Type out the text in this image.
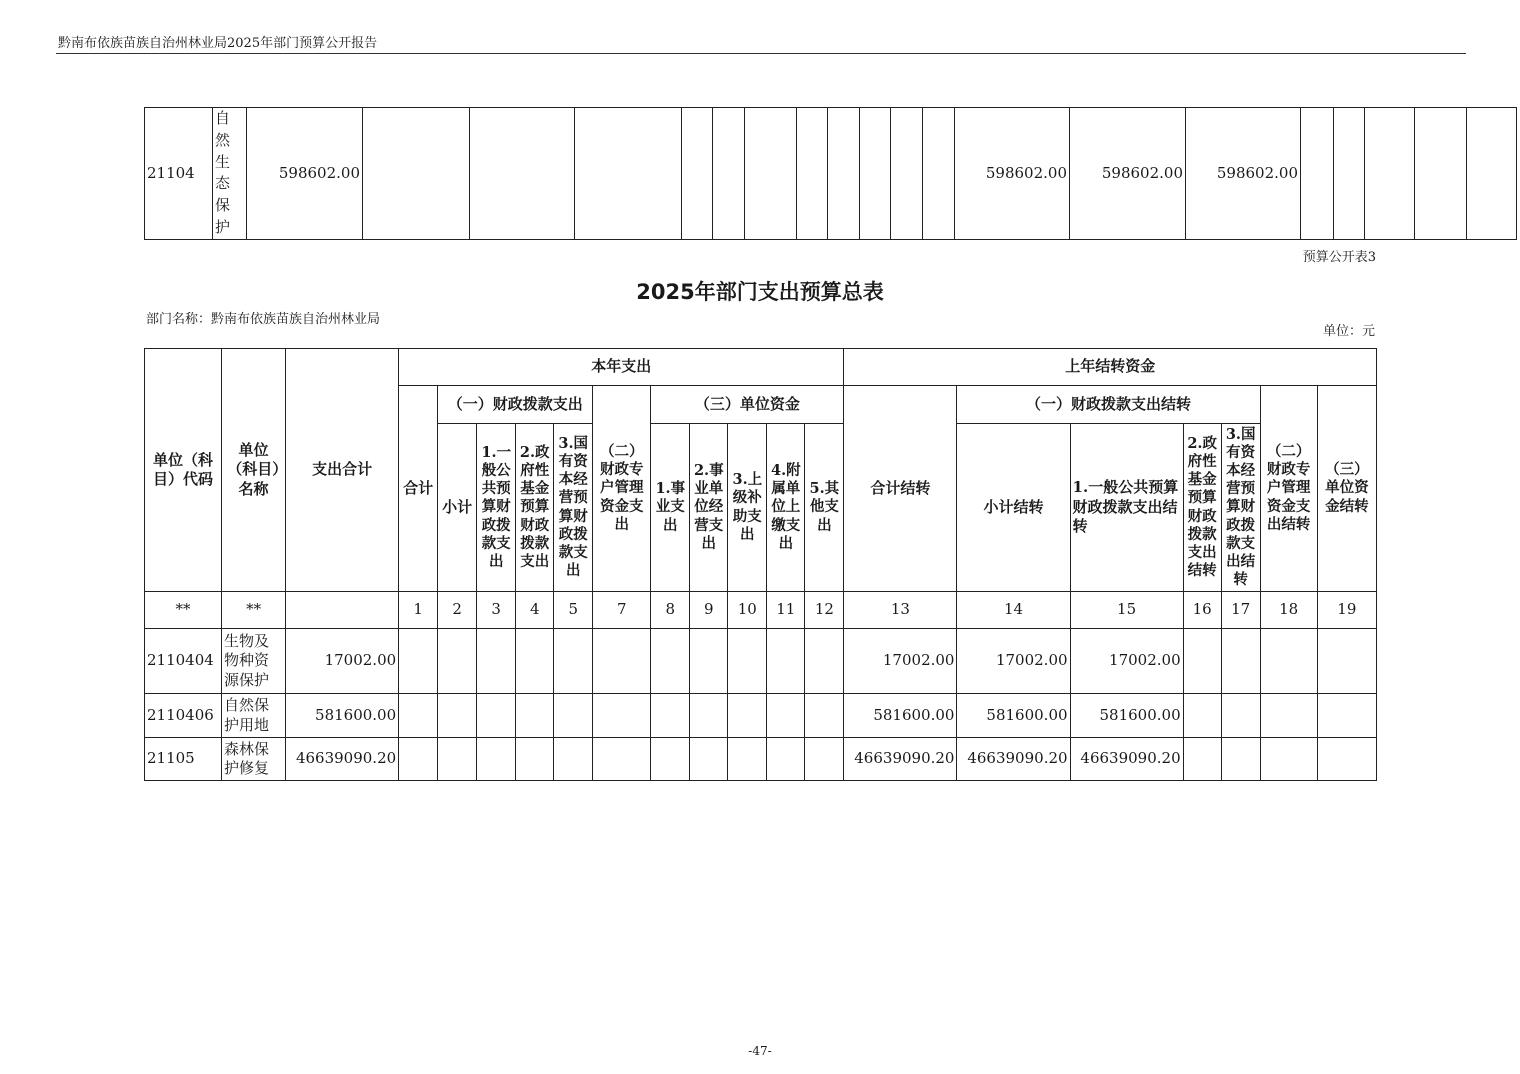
黔南布依族苗族自治州林业局2025年部门预算公开报告
21104	自然生态保护	598602.00												598602.00	598602.00	598602.00					
预算公开表3
2025年部门支出预算总表
部门名称：黔南布依族苗族自治州林业局
单位：元
单位（科目）代码	单位（科目）名称	支出合计	本年支出											上年结转资金						
			合计	（一）财政拨款支出				（二）财政专户管理资金支出	（三）单位资金					合计结转	（一）财政拨款支出结转				（二）财政专户管理资金支出结转	（三）单位资金结转
				小计	1.一般公共预算财政拨款支出	2.政府性基金预算财政拨款支出	3.国有资本经营预算财政拨款支出		1.事业支出	2.事业单位经营支出	3.上级补助支出	4.附属单位上缴支出	5.其他支出		小计结转	1.一般公共预算财政拨款支出结转	2.政府性基金预算财政拨款支出结转	3.国有资本经营预算财政拨款支出结转		
**	**		1	2	3	4	5	7	8	9	10	11	12	13	14	15	16	17	18	19
2110404	生物及物种资源保护	17002.00												17002.00	17002.00	17002.00				
2110406	自然保护用地	581600.00												581600.00	581600.00	581600.00				
21105	森林保护修复	46639090.20												46639090.20	46639090.20	46639090.20				
-47-
